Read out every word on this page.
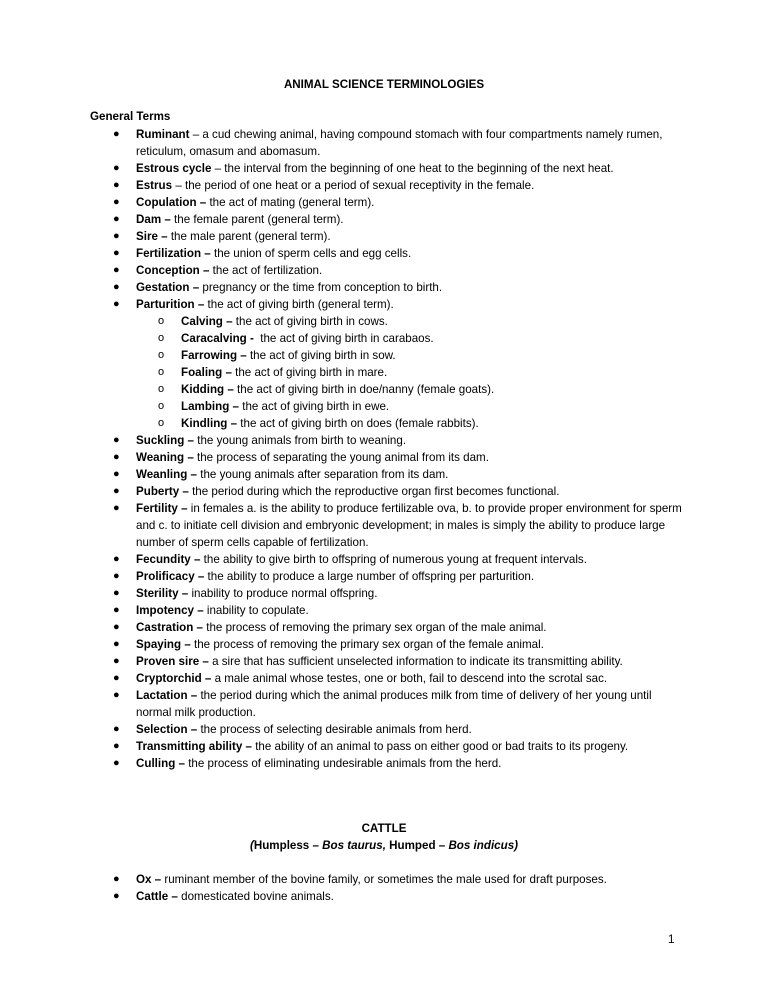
ANIMAL SCIENCE TERMINOLOGIES
General Terms
● Ruminant – a cud chewing animal, having compound stomach with four compartments namely rumen, reticulum, omasum and abomasum.
● Estrous cycle – the interval from the beginning of one heat to the beginning of the next heat.
● Estrus – the period of one heat or a period of sexual receptivity in the female.
● Copulation – the act of mating (general term).
● Dam – the female parent (general term).
● Sire – the male parent (general term).
● Fertilization – the union of sperm cells and egg cells.
● Conception – the act of fertilization.
● Gestation – pregnancy or the time from conception to birth.
● Parturition – the act of giving birth (general term).
o Calving – the act of giving birth in cows.
o Caracalving - the act of giving birth in carabaos.
o Farrowing – the act of giving birth in sow.
o Foaling – the act of giving birth in mare.
o Kidding – the act of giving birth in doe/nanny (female goats).
o Lambing – the act of giving birth in ewe.
o Kindling – the act of giving birth on does (female rabbits).
● Suckling – the young animals from birth to weaning.
● Weaning – the process of separating the young animal from its dam.
● Weanling – the young animals after separation from its dam.
● Puberty – the period during which the reproductive organ first becomes functional.
● Fertility – in females a. is the ability to produce fertilizable ova, b. to provide proper environment for sperm and c. to initiate cell division and embryonic development; in males is simply the ability to produce large number of sperm cells capable of fertilization.
● Fecundity – the ability to give birth to offspring of numerous young at frequent intervals.
● Prolificacy – the ability to produce a large number of offspring per parturition.
● Sterility – inability to produce normal offspring.
● Impotency – inability to copulate.
● Castration – the process of removing the primary sex organ of the male animal.
● Spaying – the process of removing the primary sex organ of the female animal.
● Proven sire – a sire that has sufficient unselected information to indicate its transmitting ability.
● Cryptorchid – a male animal whose testes, one or both, fail to descend into the scrotal sac.
● Lactation – the period during which the animal produces milk from time of delivery of her young until normal milk production.
● Selection – the process of selecting desirable animals from herd.
● Transmitting ability – the ability of an animal to pass on either good or bad traits to its progeny.
● Culling – the process of eliminating undesirable animals from the herd.
CATTLE
(Humpless – Bos taurus, Humped – Bos indicus)
● Ox – ruminant member of the bovine family, or sometimes the male used for draft purposes.
● Cattle – domesticated bovine animals.
1
